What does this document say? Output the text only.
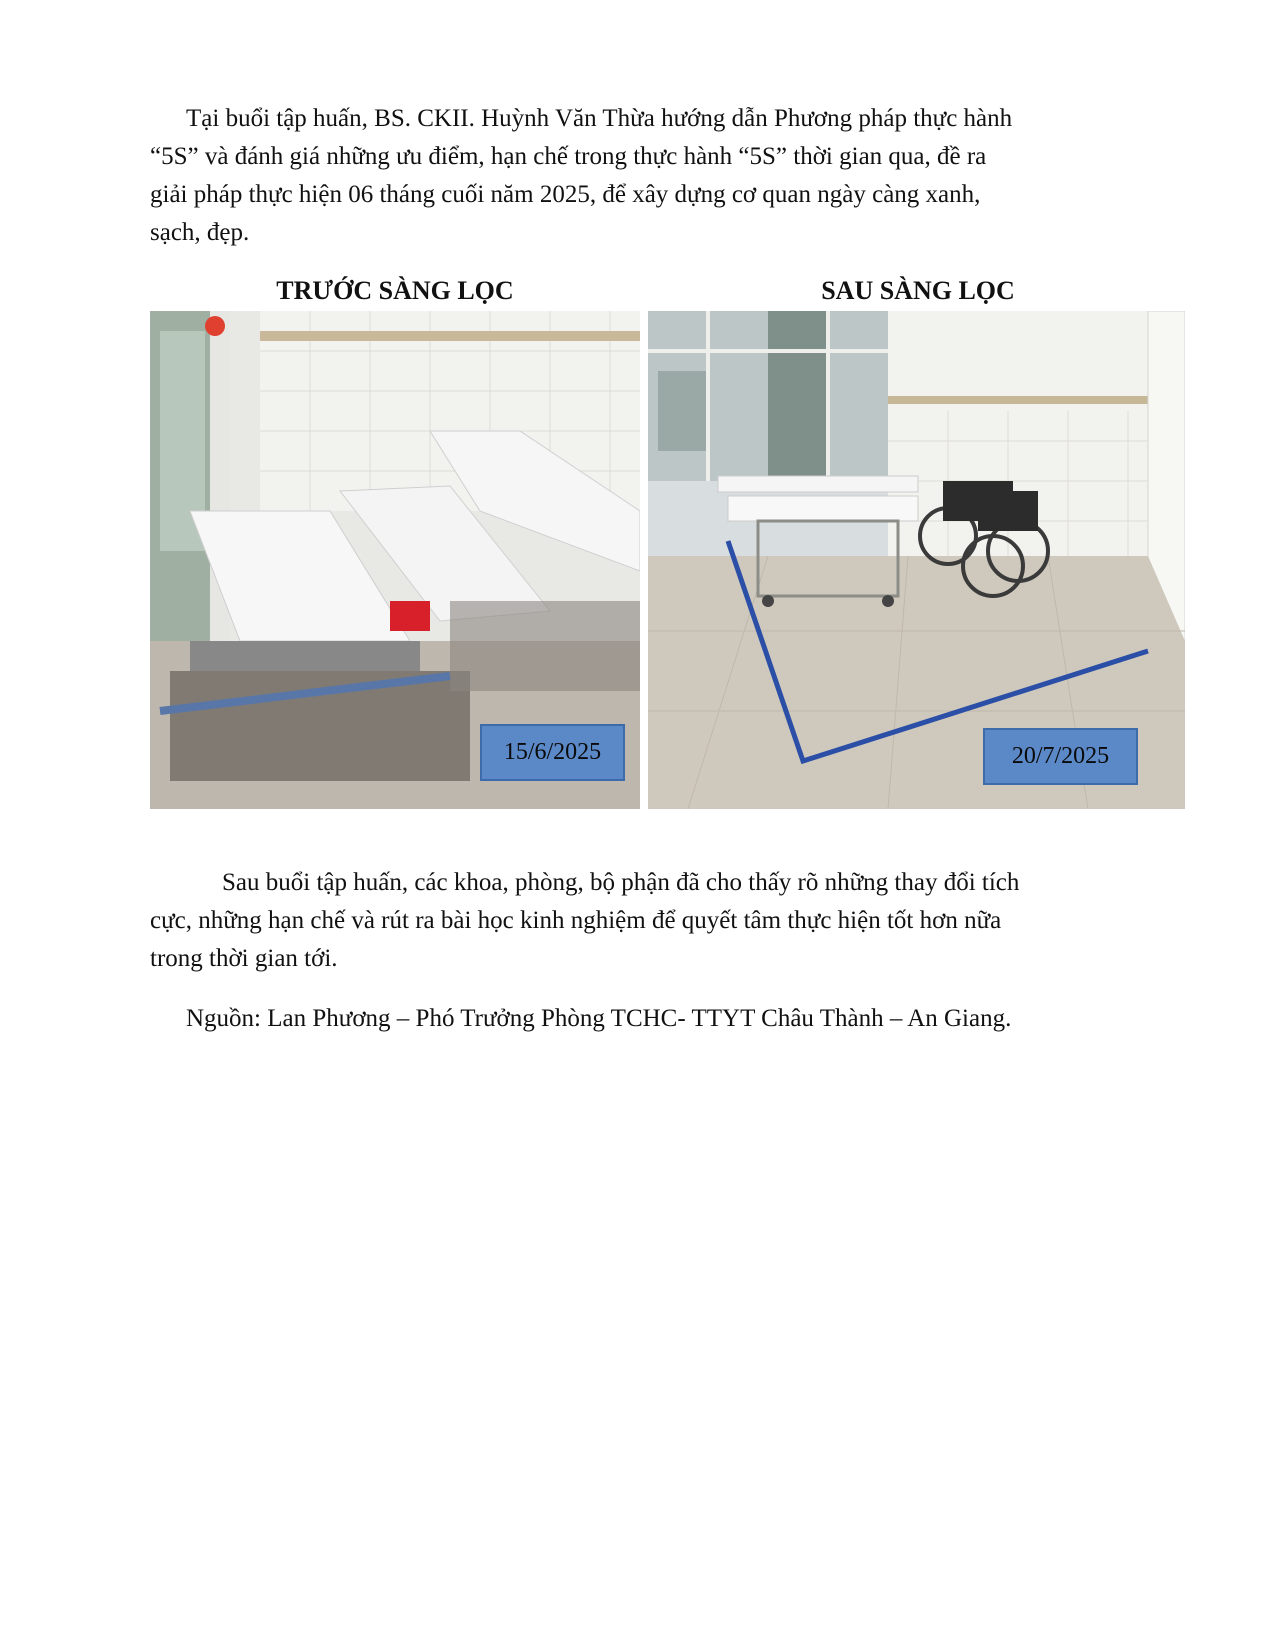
Tại buổi tập huấn, BS. CKII. Huỳnh Văn Thừa hướng dẫn Phương pháp thực hành
“5S” và đánh giá những ưu điểm, hạn chế trong thực hành “5S” thời gian qua, đề ra
giải pháp thực hiện 06 tháng cuối năm 2025, để xây dựng cơ quan ngày càng xanh,
sạch, đẹp.

TRƯỚC SÀNG LỌC	SAU SÀNG LỌC

15/6/2025	20/7/2025

Sau buổi tập huấn, các khoa, phòng, bộ phận đã cho thấy rõ những thay đổi tích
cực, những hạn chế và rút ra bài học kinh nghiệm để quyết tâm thực hiện tốt hơn nữa
trong thời gian tới.

Nguồn: Lan Phương – Phó Trưởng Phòng TCHC- TTYT Châu Thành – An Giang.
